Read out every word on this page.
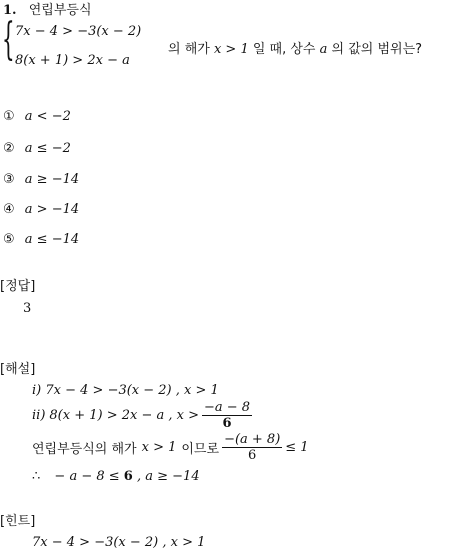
1. 연립부등식
{ 7x − 4 > −3(x − 2)
8(x + 1) > 2x − a
의 해가 x > 1 일 때, 상수 a 의 값의 범위는?
① a < −2
② a ≤ −2
③ a ≥ −14
④ a > −14
⑤ a ≤ −14
[정답]
3
[해설]
i) 7x − 4 > −3(x − 2) , x > 1
ii) 8(x + 1) > 2x − a , $x > \frac{-a - 8}{6}$
연립부등식의 해가 x > 1 이므로 $\frac{-(a + 8)}{6} \le 1$
∴ − a − 8 ≤ 6 , a ≥ −14
[힌트]
7x − 4 > −3(x − 2) , x > 1
